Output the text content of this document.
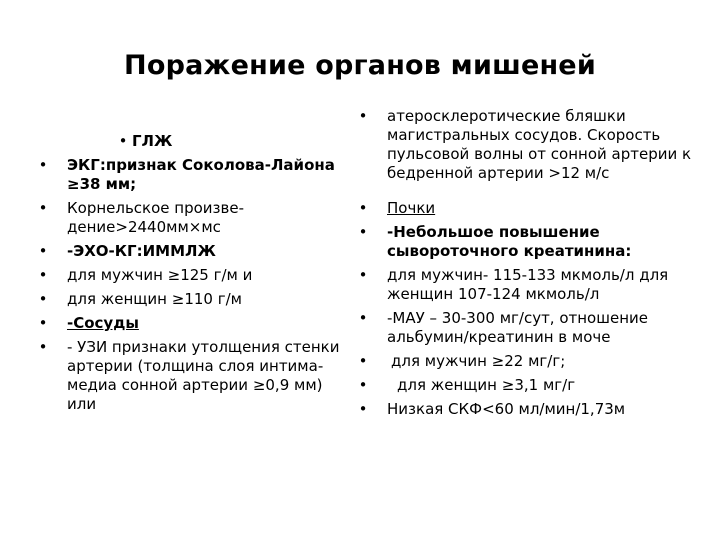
Поражение органов мишеней
• ГЛЖ
• ЭКГ:признак Соколова-Лайона ≥38 мм;
• Корнельское произве-дение>2440мм×мс
• -ЭХО-КГ:ИММЛЖ
• для мужчин ≥125 г/м и
• для женщин ≥110 г/м
• -Сосуды
• - УЗИ признаки утолщения стенки артерии (толщина слоя интима-медиа сонной артерии ≥0,9 мм) или
• атеросклеротические бляшки магистральных сосудов. Скорость пульсовой волны от сонной артерии к бедренной артерии >12 м/с
• Почки
• -Небольшое повышение сывороточного креатинина:
• для мужчин- 115-133 мкмоль/л для женщин 107-124 мкмоль/л
• -МАУ – 30-300 мг/сут, отношение альбумин/креатинин в моче
• для мужчин ≥22 мг/г;
•	для женщин ≥3,1 мг/г
• Низкая СКФ<60 мл/мин/1,73м
